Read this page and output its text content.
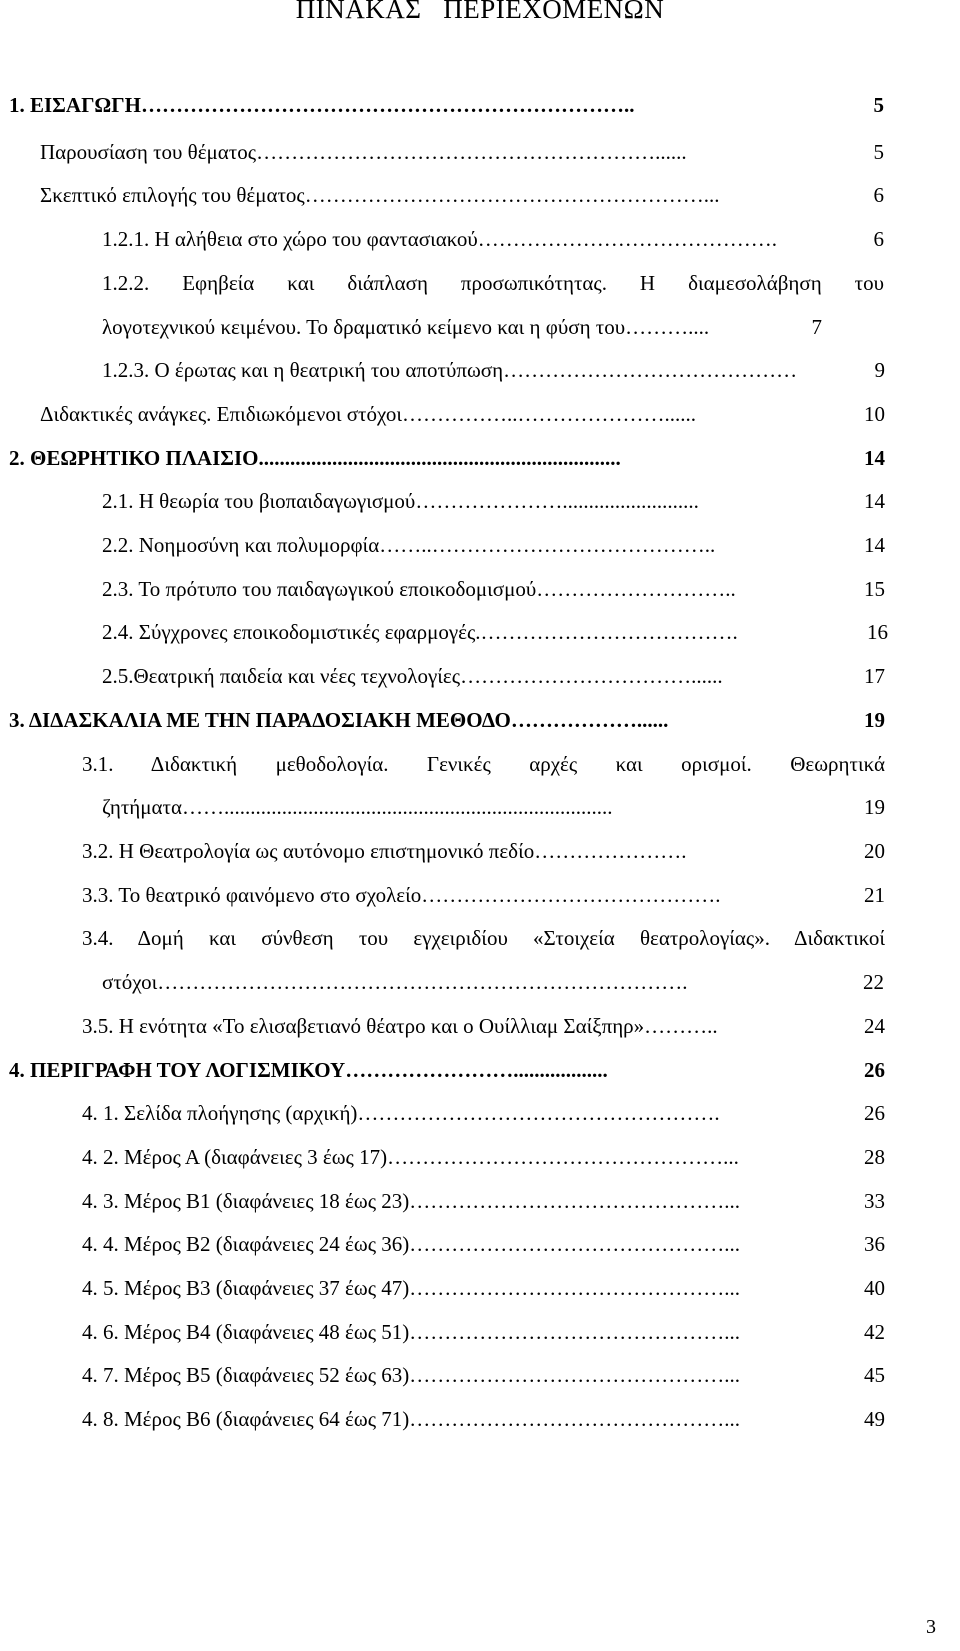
ΠΙΝΑΚΑΣ   ΠΕΡΙΕΧΟΜΕΝΩΝ
1. ΕΙΣΑΓΩΓΗ ……………………………………………………………..	5
Παρουσίαση του θέματος …………………………………………………......	5
Σκεπτικό επιλογής του θέματος …………………………………………………...	6
1.2.1. Η αλήθεια στο χώρο του φαντασιακού …………………………………….	6
1.2.2. Εφηβεία και διάπλαση προσωπικότητας. Η διαμεσολάβηση του
λογοτεχνικού κειμένου. Το δραματικό κείμενο και η φύση του ………....	7
1.2.3. Ο έρωτας και η θεατρική του αποτύπωση ……………………………………	9
Διδακτικές ανάγκες. Επιδιωκόμενοι στόχοι ……………..…………………......	10
2. ΘΕΩΡΗΤΙΚΟ ΠΛΑΙΣΙΟ .....................................................................	14
2.1. Η θεωρία του βιοπαιδαγωγισμού …………………..........................	14
2.2. Νοημοσύνη και πολυμορφία ……..…………………………………..	14
2.3. Το πρότυπο του παιδαγωγικού εποικοδομισμού ………………………..	15
2.4. Σύγχρονες εποικοδομιστικές εφαρμογές .……………………………….	16
2.5.Θεατρική παιδεία και νέες τεχνολογίες ……………………………......	17
3. ΔΙΔΑΣΚΑΛΙΑ ΜΕ ΤΗΝ ΠΑΡΑΔΟΣΙΑΚΗ ΜΕΘΟΔΟ ………………......	19
3.1. Διδακτική μεθοδολογία. Γενικές αρχές και ορισμοί. Θεωρητικά
ζητήματα ……..........................................................................	19
3.2. Η Θεατρολογία ως αυτόνομο επιστημονικό πεδίο ………………….	20
3.3. Το θεατρικό φαινόμενο στο σχολείο …………………………………….	21
3.4. Δομή και σύνθεση του εγχειριδίου «Στοιχεία θεατρολογίας». Διδακτικοί
στόχοι ………………………………………………………………….	22
3.5. Η ενότητα «Το ελισαβετιανό θέατρο και ο Ουίλλιαμ Σαίξπηρ» ………..	24
4. ΠΕΡΙΓΡΑΦΗ ΤΟΥ ΛΟΓΙΣΜΙΚΟΥ ……………………..................	26
4. 1. Σελίδα πλοήγησης (αρχική) …………………………………………….	26
4. 2. Μέρος Α (διαφάνειες 3 έως 17) …………………………………………...	28
4. 3. Μέρος Β1 (διαφάνειες 18 έως 23) ………………………………………...	33
4. 4. Μέρος Β2 (διαφάνειες 24 έως 36) ………………………………………...	36
4. 5. Μέρος Β3 (διαφάνειες 37 έως 47) ………………………………………...	40
4. 6. Μέρος Β4 (διαφάνειες 48 έως 51) ………………………………………...	42
4. 7. Μέρος Β5 (διαφάνειες 52 έως 63) ………………………………………...	45
4. 8. Μέρος Β6 (διαφάνειες 64 έως 71) ………………………………………...	49
3
